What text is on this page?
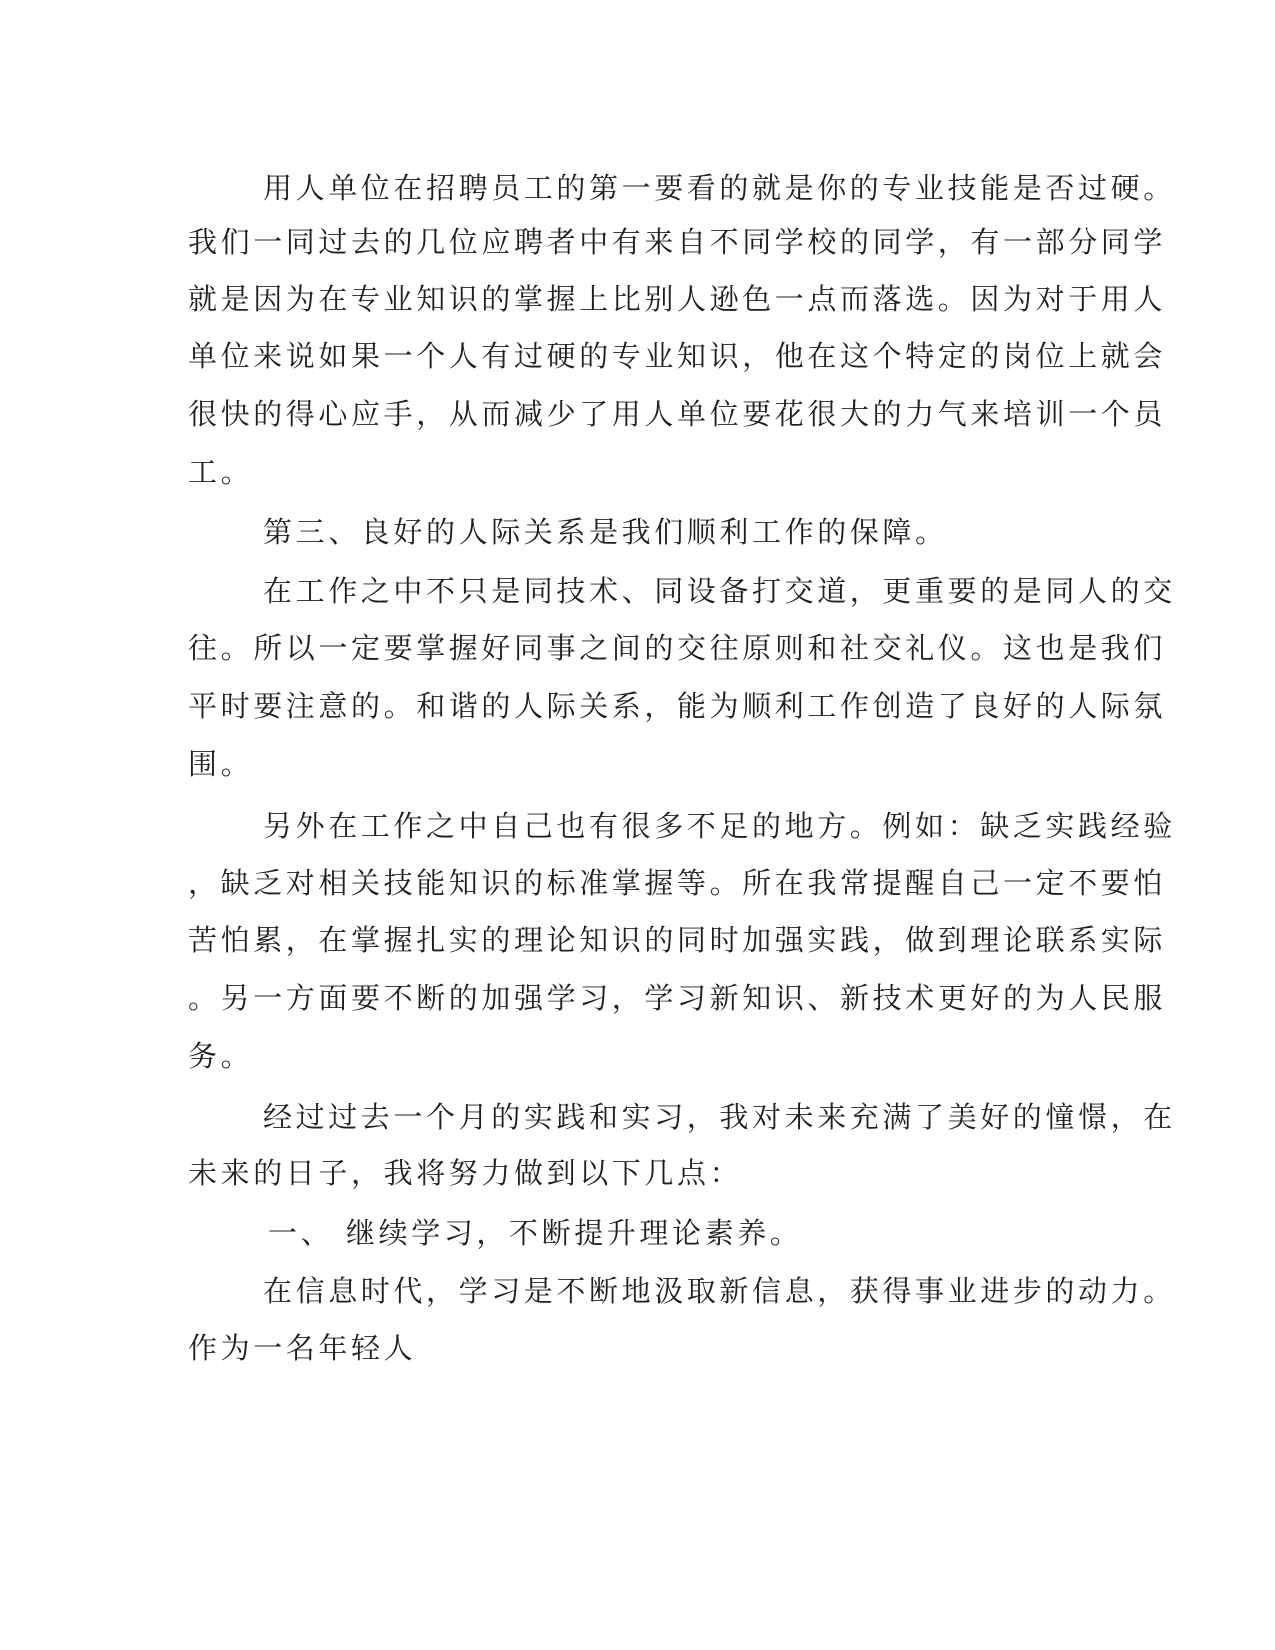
用人单位在招聘员工的第一要看的就是你的专业技能是否过硬。

我们一同过去的几位应聘者中有来自不同学校的同学，有一部分同学

就是因为在专业知识的掌握上比别人逊色一点而落选。因为对于用人

单位来说如果一个人有过硬的专业知识，他在这个特定的岗位上就会

很快的得心应手，从而减少了用人单位要花很大的力气来培训一个员

工。

第三、良好的人际关系是我们顺利工作的保障。

在工作之中不只是同技术、同设备打交道，更重要的是同人的交

往。所以一定要掌握好同事之间的交往原则和社交礼仪。这也是我们

平时要注意的。和谐的人际关系，能为顺利工作创造了良好的人际氛

围。

另外在工作之中自己也有很多不足的地方。例如：缺乏实践经验

，缺乏对相关技能知识的标准掌握等。所在我常提醒自己一定不要怕

苦怕累，在掌握扎实的理论知识的同时加强实践，做到理论联系实际

。另一方面要不断的加强学习，学习新知识、新技术更好的为人民服

务。

经过过去一个月的实践和实习，我对未来充满了美好的憧憬，在

未来的日子，我将努力做到以下几点：

一、 继续学习，不断提升理论素养。

在信息时代，学习是不断地汲取新信息，获得事业进步的动力。

作为一名年轻人
